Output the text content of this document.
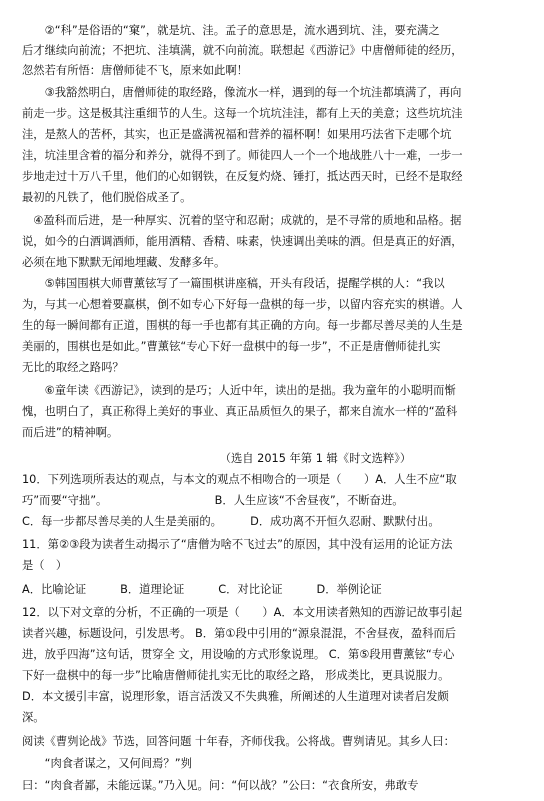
　　②“科”是俗语的“窠”，就是坑、洼。孟子的意思是，流水遇到坑、洼，要充满之
后才继续向前流；不把坑、洼填满，就不向前流。联想起《西游记》中唐僧师徒的经历，
忽然若有所悟：唐僧师徒不飞，原来如此啊！
　　③我豁然明白，唐僧师徒的取经路，像流水一样，遇到的每一个坑洼都填满了，再向
前走一步。这是极其注重细节的人生。这每一个坑坑洼洼，都有上天的美意；这些坑坑洼
洼，是熬人的苦杯，其实，也正是盛满祝福和营养的福杯啊！如果用巧法省下走哪个坑
洼，坑洼里含着的福分和养分，就得不到了。师徒四人一个一个地战胜八十一难，一步一
步地走过十万八千里，他们的心如钢铁，在反复灼烧、锤打，抵达西天时，已经不是取经
最初的凡铁了，他们脱俗成圣了。
　④盈科而后进，是一种厚实、沉着的坚守和忍耐；成就的，是不寻常的质地和品格。据
说，如今的白酒调酒师，能用酒精、香精、味素，快速调出美味的酒。但是真正的好酒，
必须在地下默默无闻地埋藏、发酵多年。
　　⑤韩国围棋大师曹薰铉写了一篇围棋讲座稿，开头有段话，提醒学棋的人：“我以
为，与其一心想着要赢棋，倒不如专心下好每一盘棋的每一步，以留内容充实的棋谱。人
生的每一瞬间都有正道，围棋的每一手也都有其正确的方向。每一步都尽善尽美的人生是
美丽的，围棋也是如此。”曹薰铉“专心下好一盘棋中的每一步”，不正是唐僧师徒扎实
无比的取经之路吗？
　　⑥童年读《西游记》，读到的是巧；人近中年，读出的是拙。我为童年的小聪明而惭
愧，也明白了，真正称得上美好的事业、真正品质恒久的果子，都来自流水一样的“盈科
而后进”的精神啊。
　　　　　　　　　　　　　　　　　　（选自 2015 年第 1 辑《时文选粹》）
10．下列选项所表达的观点，与本文的观点不相吻合的一项是（　　）A．人生不应“取
巧”而要“守拙”。　　　　　　　　　　B．人生应该“不舍昼夜”，不断奋进。
C．每一步都尽善尽美的人生是美丽的。　　　D．成功离不开恒久忍耐、默默付出。
11．第②③段为读者生动揭示了“唐僧为啥不飞过去”的原因，其中没有运用的论证方法
是（　）
A．比喻论证　　　B．道理论证　　　C．对比论证　　　D．举例论证
12．以下对文章的分析，不正确的一项是（　　）A．本文用读者熟知的西游记故事引起
读者兴趣，标题设问，引发思考。 B．第①段中引用的“源泉混混，不舍昼夜，盈科而后
进，放乎四海”这句话，贯穿全 文，用设喻的方式形象说理。 C．第⑤段用曹薰铉“专心
下好一盘棋中的每一步”比喻唐僧师徒扎实无比的取经之路， 形成类比，更具说服力。
D．本文援引丰富，说理形象，语言活泼又不失典雅，所阐述的人生道理对读者启发颇
深。
阅读《曹刿论战》节选，回答问题 十年春，齐师伐我。公将战。曹刿请见。其乡人曰：
　　“肉食者谋之，又何间焉？”刿
曰：“肉食者鄙，未能远谋。”乃入见。问：“何以战？”公曰：“衣食所安，弗敢专
